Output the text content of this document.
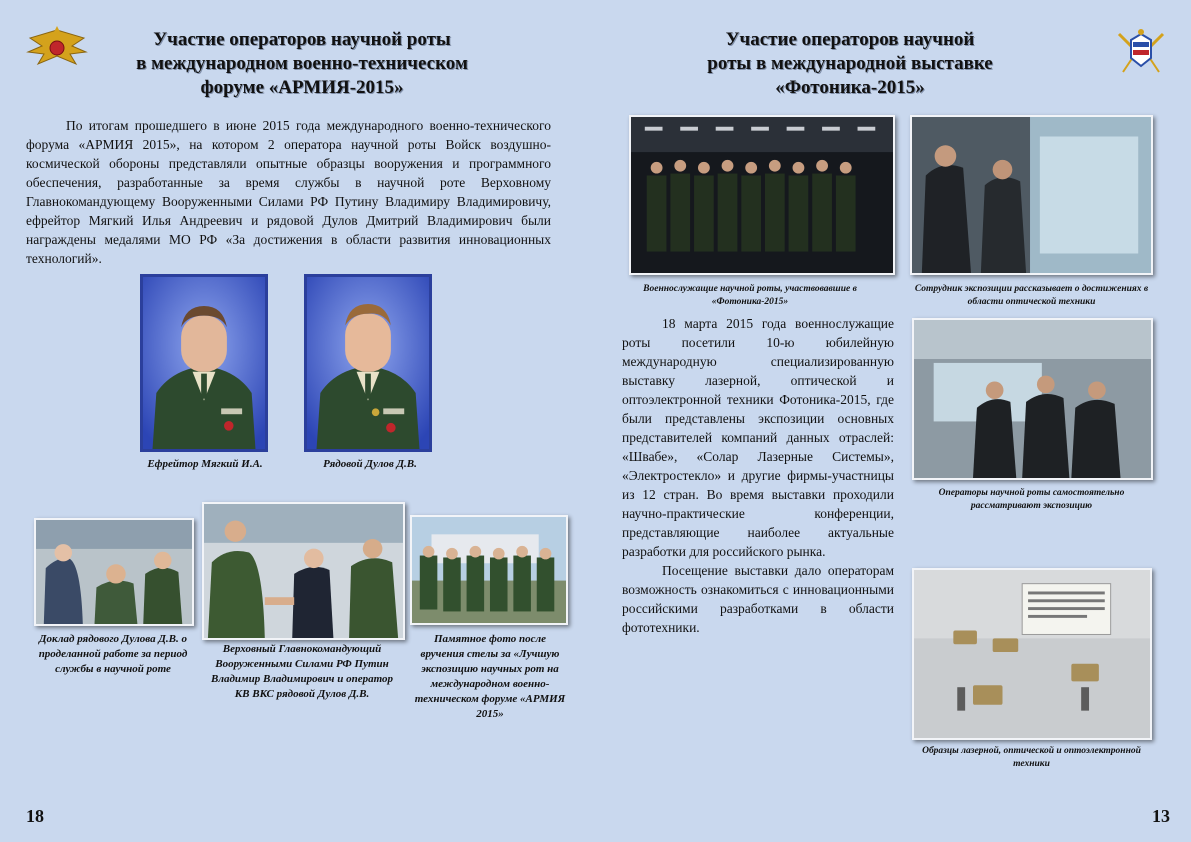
Участие операторов научной роты
в международном военно-техническом
форуме «АРМИЯ-2015»

По итогам прошедшего в июне 2015 года международного военно-технического форума «АРМИЯ 2015», на котором 2 оператора научной роты Войск воздушно-космической обороны представляли опытные образцы вооружения и программного обеспечения, разработанные за время службы в научной роте Верховному Главнокомандующему Вооруженными Силами РФ Путину Владимиру Владимировичу, ефрейтор Мягкий Илья Андреевич и рядовой Дулов Дмитрий Владимирович были награждены медалями МО РФ «За достижения в области развития инновационных технологий».

Ефрейтор Мягкий И.А.	Рядовой Дулов Д.В.
Доклад рядового Дулова Д.В. о проделанной работе за период службы в научной роте
Верховный Главнокомандующий Вооруженными Силами РФ Путин Владимир Владимирович и оператор КВ ВКС рядовой Дулов Д.В.
Памятное фото после вручения стелы за «Лучшую экспозицию научных рот на международном военно-техническом форуме «АРМИЯ 2015»
18
Участие операторов научной
роты в международной выставке
«Фотоника-2015»
Военнослужащие научной роты, участвовавшие в «Фотоника-2015»
Сотрудник экспозиции рассказывает о достижениях в области оптической техники

18 марта 2015 года военнослужащие роты посетили 10-ю юбилейную международную специализированную выставку лазерной, оптической и оптоэлектронной техники Фотоника-2015, где были представлены экспозиции основных представителей компаний данных отраслей: «Швабе», «Солар Лазерные Системы», «Электростекло» и другие фирмы-участницы из 12 стран. Во время выставки проходили научно-практические конференции, представляющие наиболее актуальные разработки для российского рынка.

Посещение выставки дало операторам возможность ознакомиться с инновационными российскими разработками в области фототехники.

Операторы научной роты самостоятельно рассматривают экспозицию
Образцы лазерной, оптической и оптоэлектронной техники
13
